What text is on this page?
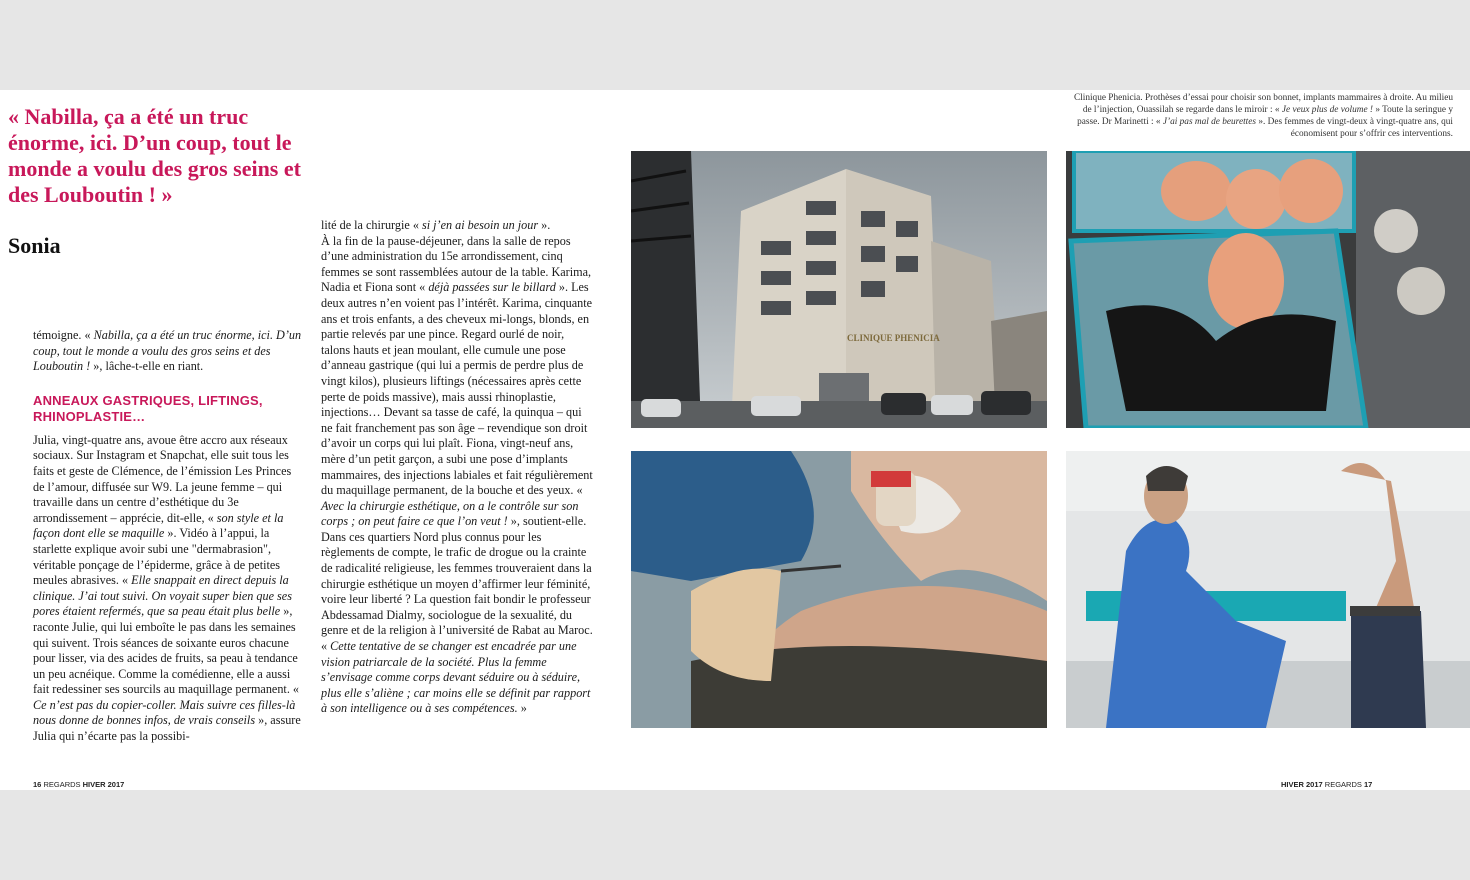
« Nabilla, ça a été un truc énorme, ici. D’un coup, tout le monde a voulu des gros seins et des Louboutin ! »
Sonia

témoigne. « Nabilla, ça a été un truc énorme, ici. D’un coup, tout le monde a voulu des gros seins et des Louboutin ! », lâche-t-elle en riant.

ANNEAUX GASTRIQUES, LIFTINGS, RHINOPLASTIE…

Julia, vingt-quatre ans, avoue être accro aux réseaux sociaux. Sur Instagram et Snapchat, elle suit tous les faits et geste de Clémence, de l’émission Les Princes de l’amour, diffusée sur W9. La jeune femme – qui travaille dans un centre d’esthétique du 3e arrondissement – apprécie, dit-elle, « son style et la façon dont elle se maquille ». Vidéo à l’appui, la starlette explique avoir subi une "dermabrasion", véritable ponçage de l’épiderme, grâce à de petites meules abrasives. « Elle snappait en direct depuis la clinique. J’ai tout suivi. On voyait super bien que ses pores étaient refermés, que sa peau était plus belle », raconte Julie, qui lui emboîte le pas dans les semaines qui suivent. Trois séances de soixante euros chacune pour lisser, via des acides de fruits, sa peau à tendance un peu acnéique. Comme la comédienne, elle a aussi fait redessiner ses sourcils au maquillage permanent. « Ce n’est pas du copier-coller. Mais suivre ces filles-là nous donne de bonnes infos, de vrais conseils », assure Julia qui n’écarte pas la possibi-

lité de la chirurgie « si j’en ai besoin un jour ».

À la fin de la pause-déjeuner, dans la salle de repos d’une administration du 15e arrondissement, cinq femmes se sont rassemblées autour de la table. Karima, Nadia et Fiona sont « déjà passées sur le billard ». Les deux autres n’en voient pas l’intérêt. Karima, cinquante ans et trois enfants, a des cheveux mi-longs, blonds, en partie relevés par une pince. Regard ourlé de noir, talons hauts et jean moulant, elle cumule une pose d’anneau gastrique (qui lui a permis de perdre plus de vingt kilos), plusieurs liftings (nécessaires après cette perte de poids massive), mais aussi rhinoplastie, injections… Devant sa tasse de café, la quinqua – qui ne fait franchement pas son âge – revendique son droit d’avoir un corps qui lui plaît. Fiona, vingt-neuf ans, mère d’un petit garçon, a subi une pose d’implants mammaires, des injections labiales et fait régulièrement du maquillage permanent, de la bouche et des yeux. « Avec la chirurgie esthétique, on a le contrôle sur son corps ; on peut faire ce que l’on veut ! », soutient-elle.

Dans ces quartiers Nord plus connus pour les règlements de compte, le trafic de drogue ou la crainte de radicalité religieuse, les femmes trouveraient dans la chirurgie esthétique un moyen d’affirmer leur féminité, voire leur liberté ? La question fait bondir le professeur Abdessamad Dialmy, sociologue de la sexualité, du genre et de la religion à l’université de Rabat au Maroc. « Cette tentative de se changer est encadrée par une vision patriarcale de la société. Plus la femme s’envisage comme corps devant séduire ou à séduire, plus elle s’aliène ; car moins elle se définit par rapport à son intelligence ou à ses compétences. »

Clinique Phenicia. Prothèses d’essai pour choisir son bonnet, implants mammaires à droite. Au milieu de l’injection, Ouassilah se regarde dans le miroir : « Je veux plus de volume ! » Toute la seringue y passe. Dr Marinetti : « J’ai pas mal de beurettes ». Des femmes de vingt-deux à vingt-quatre ans, qui économisent pour s’offrir ces interventions.

CLINIQUE PHENICIA
16 REGARDS HIVER 2017	HIVER 2017 REGARDS 17
